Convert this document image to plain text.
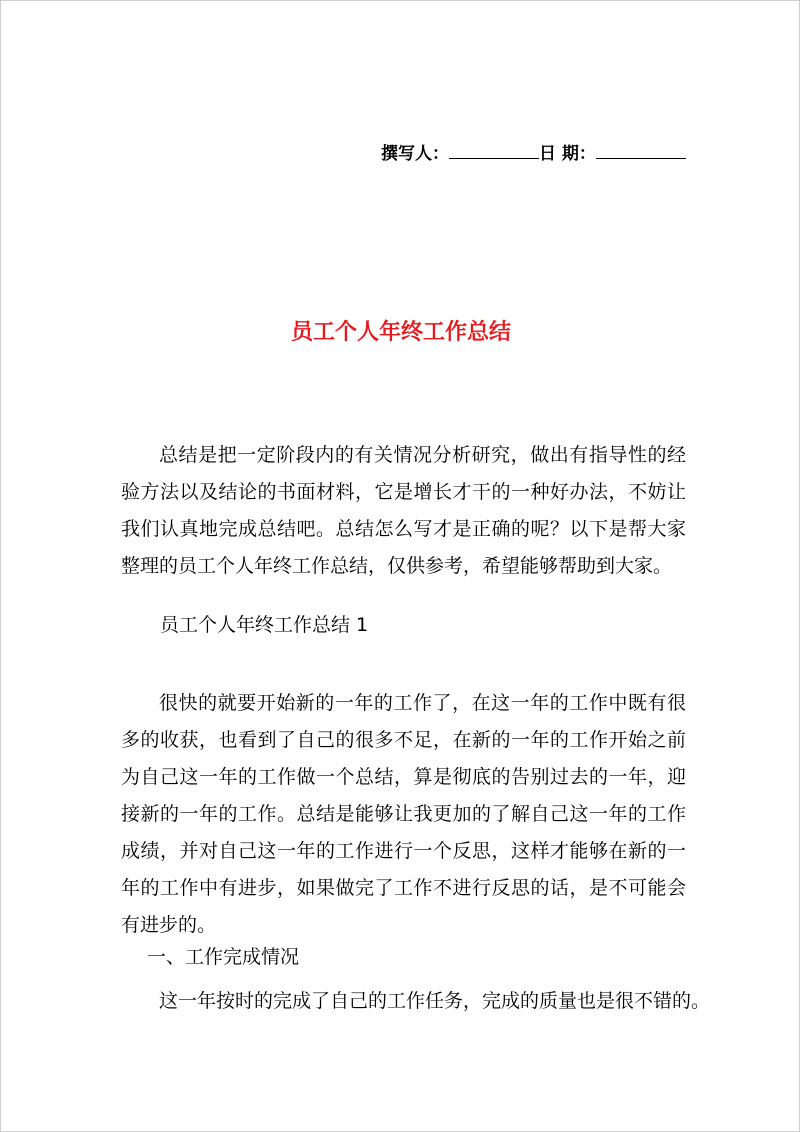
撰写人：	日 期：
员工个人年终工作总结

总结是把一定阶段内的有关情况分析研究，做出有指导性的经验方法以及结论的书面材料，它是增长才干的一种好办法，不妨让我们认真地完成总结吧。总结怎么写才是正确的呢？以下是帮大家整理的员工个人年终工作总结，仅供参考，希望能够帮助到大家。

员工个人年终工作总结 1

很快的就要开始新的一年的工作了，在这一年的工作中既有很多的收获，也看到了自己的很多不足，在新的一年的工作开始之前为自己这一年的工作做一个总结，算是彻底的告别过去的一年，迎接新的一年的工作。总结是能够让我更加的了解自己这一年的工作成绩，并对自己这一年的工作进行一个反思，这样才能够在新的一年的工作中有进步，如果做完了工作不进行反思的话，是不可能会有进步的。

一、工作完成情况

这一年按时的完成了自己的工作任务，完成的质量也是很不错的。
